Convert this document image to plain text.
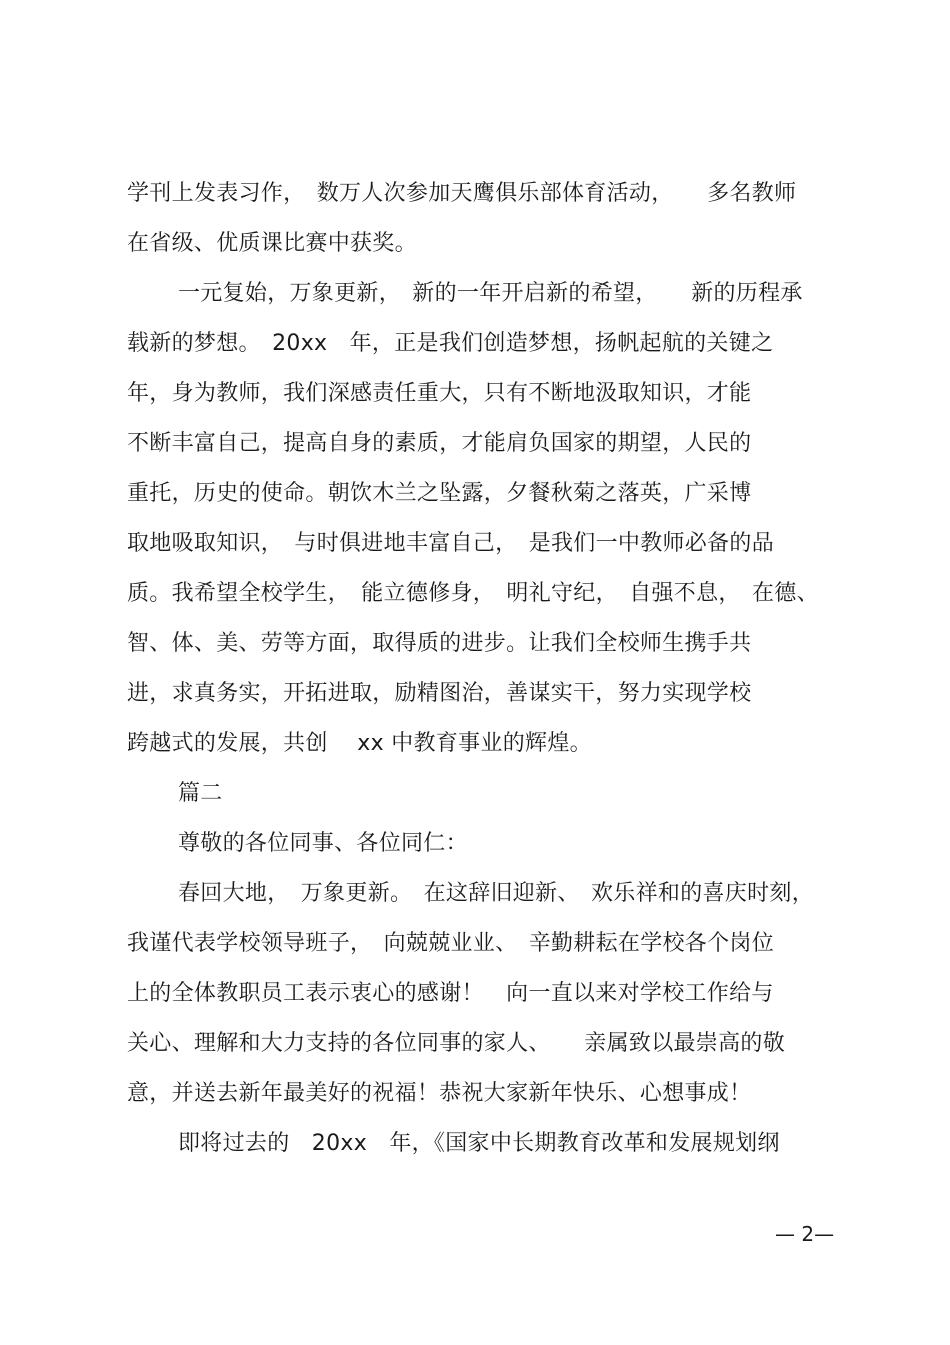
学刊上发表习作，　数万人次参加天鹰俱乐部体育活动，　　多名教师
在省级、优质课比赛中获奖。
一元复始，万象更新，　新的一年开启新的希望，　　新的历程承
载新的梦想。　20xx　年，正是我们创造梦想，扬帆起航的关键之
年，身为教师，我们深感责任重大，只有不断地汲取知识，才能
不断丰富自己，提高自身的素质，才能肩负国家的期望，人民的
重托，历史的使命。朝饮木兰之坠露，夕餐秋菊之落英，广采博
取地吸取知识，　与时俱进地丰富自己，　是我们一中教师必备的品
质。我希望全校学生，　能立德修身，　明礼守纪，　自强不息，　在德、
智、体、美、劳等方面，取得质的进步。让我们全校师生携手共
进，求真务实，开拓进取，励精图治，善谋实干，努力实现学校
跨越式的发展，共创　 xx 中教育事业的辉煌。
篇二
尊敬的各位同事、各位同仁：
春回大地，　万象更新。　在这辞旧迎新、　欢乐祥和的喜庆时刻，
我谨代表学校领导班子，　向兢兢业业、　辛勤耕耘在学校各个岗位
上的全体教职员工表示衷心的感谢！　向一直以来对学校工作给与
关心、理解和大力支持的各位同事的家人、　　亲属致以最崇高的敬
意，并送去新年最美好的祝福！恭祝大家新年快乐、心想事成！
即将过去的　20xx　年，《国家中长期教育改革和发展规划纲
— 2—
